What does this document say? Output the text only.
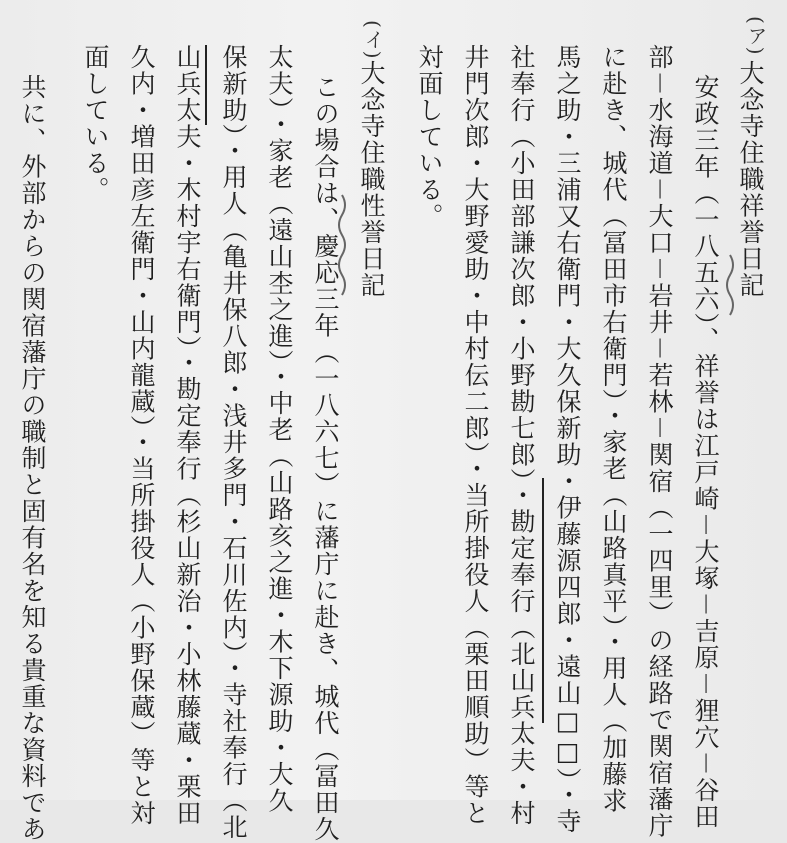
(ア)
大念寺住職祥誉日記
安政三年（一八五六）、祥誉は江戸崎－大塚－吉原－狸穴－谷田
部－水海道－大口－岩井－若林－関宿（一四里）の経路で関宿藩庁
に赴き、城代（冨田市右衛門）・家老（山路真平）・用人（加藤求
馬之助・三浦又右衛門・大久保新助・伊藤源四郎・遠山□□）・寺
社奉行（小田部謙次郎・小野勘七郎）・勘定奉行（北山兵太夫・村
井門次郎・大野愛助・中村伝二郎）・当所掛役人（栗田順助）等と
対面している。
(イ)
大念寺住職性誉日記
この場合は、慶応三年（一八六七）に藩庁に赴き、城代（冨田久
太夫）・家老（遠山杢之進）・中老（山路亥之進・木下源助・大久
保新助）・用人（亀井保八郎・浅井多門・石川佐内）・寺社奉行（北
山兵太夫・木村宇右衛門）・勘定奉行（杉山新治・小林藤蔵・栗田
久内・増田彦左衛門・山内龍蔵）・当所掛役人（小野保蔵）等と対
面している。
共に、外部からの関宿藩庁の職制と固有名を知る貴重な資料であ
